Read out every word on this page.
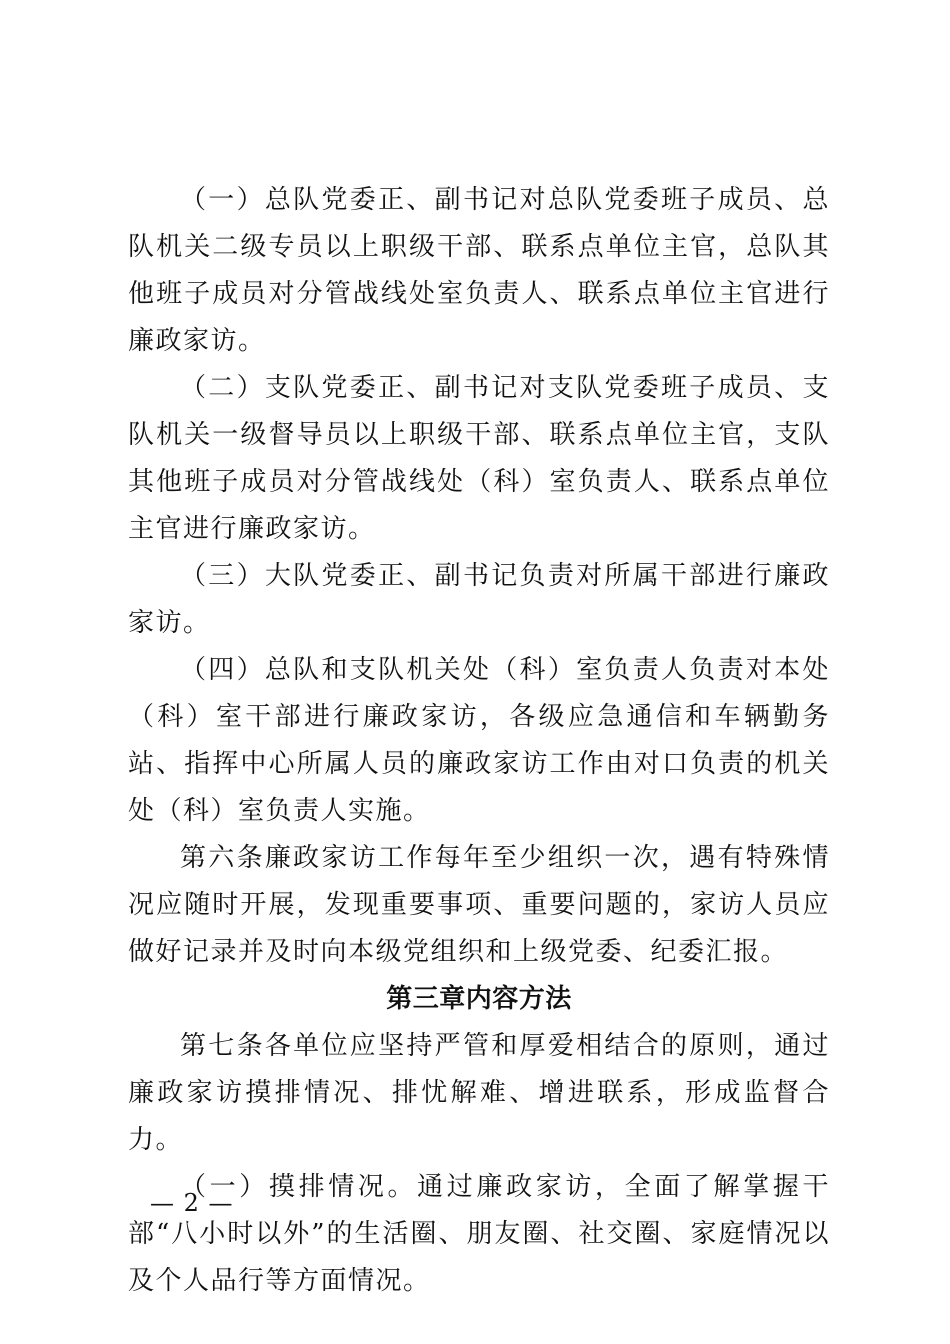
（一）总队党委正、副书记对总队党委班子成员、总队机关二级专员以上职级干部、联系点单位主官，总队其他班子成员对分管战线处室负责人、联系点单位主官进行廉政家访。

（二）支队党委正、副书记对支队党委班子成员、支队机关一级督导员以上职级干部、联系点单位主官，支队其他班子成员对分管战线处（科）室负责人、联系点单位主官进行廉政家访。

（三）大队党委正、副书记负责对所属干部进行廉政家访。

（四）总队和支队机关处（科）室负责人负责对本处（科）室干部进行廉政家访，各级应急通信和车辆勤务站、指挥中心所属人员的廉政家访工作由对口负责的机关处（科）室负责人实施。

第六条廉政家访工作每年至少组织一次，遇有特殊情况应随时开展，发现重要事项、重要问题的，家访人员应做好记录并及时向本级党组织和上级党委、纪委汇报。

第三章内容方法

第七条各单位应坚持严管和厚爱相结合的原则，通过廉政家访摸排情况、排忧解难、增进联系，形成监督合力。

（一）摸排情况。通过廉政家访，全面了解掌握干部“八小时以外”的生活圈、朋友圈、社交圈、家庭情况以及个人品行等方面情况。

— 2 —
